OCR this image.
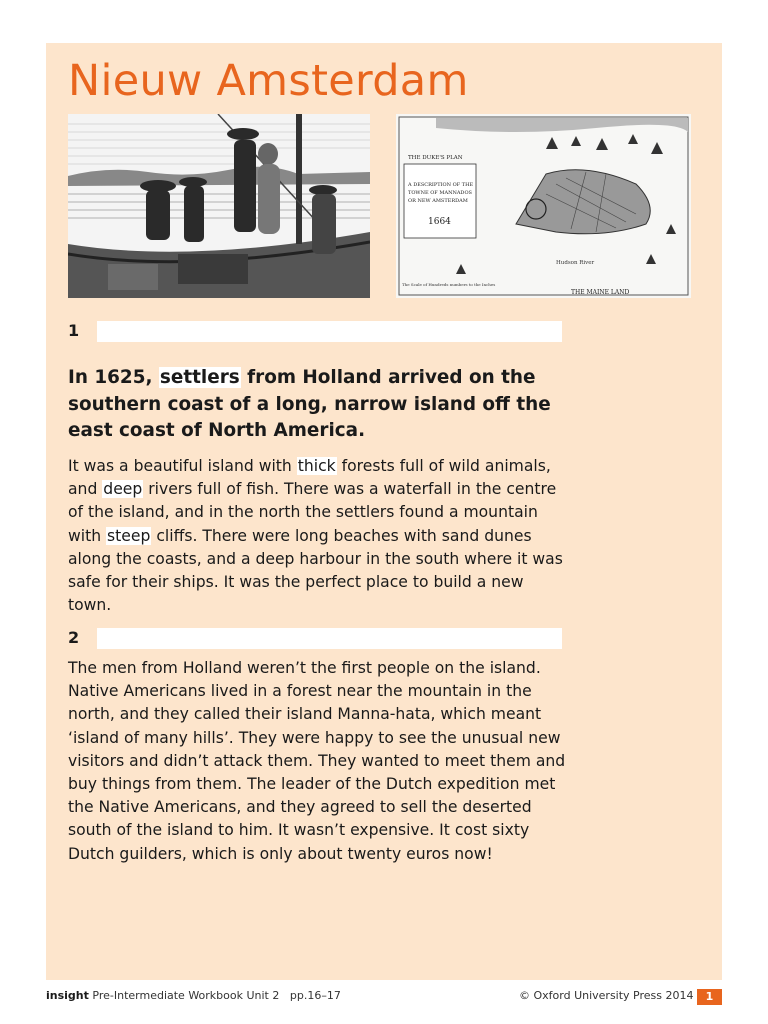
Nieuw Amsterdam
THE DUKE'S PLAN
A DESCRIPTION OF THE
TOWNE OF MANNADOS
OR NEW AMSTERDAM
1664
Hudson River
The Scale of Hundreds numbers to the Inches
THE MAINE LAND
1

In 1625, settlers from Holland arrived on the southern coast of a long, narrow island off the east coast of North America.

It was a beautiful island with thick forests full of wild animals, and deep rivers full of fish. There was a waterfall in the centre of the island, and in the north the settlers found a mountain with steep cliffs. There were long beaches with sand dunes along the coasts, and a deep harbour in the south where it was safe for their ships. It was the perfect place to build a new town.

2

The men from Holland weren’t the first people on the island. Native Americans lived in a forest near the mountain in the north, and they called their island Manna-hata, which meant ‘island of many hills’. They were happy to see the unusual new visitors and didn’t attack them. They wanted to meet them and buy things from them. The leader of the Dutch expedition met the Native Americans, and they agreed to sell the deserted south of the island to him. It wasn’t expensive. It cost sixty Dutch guilders, which is only about twenty euros now!

insight Pre-Intermediate Workbook Unit 2 pp.16–17	© Oxford University Press 2014	1
